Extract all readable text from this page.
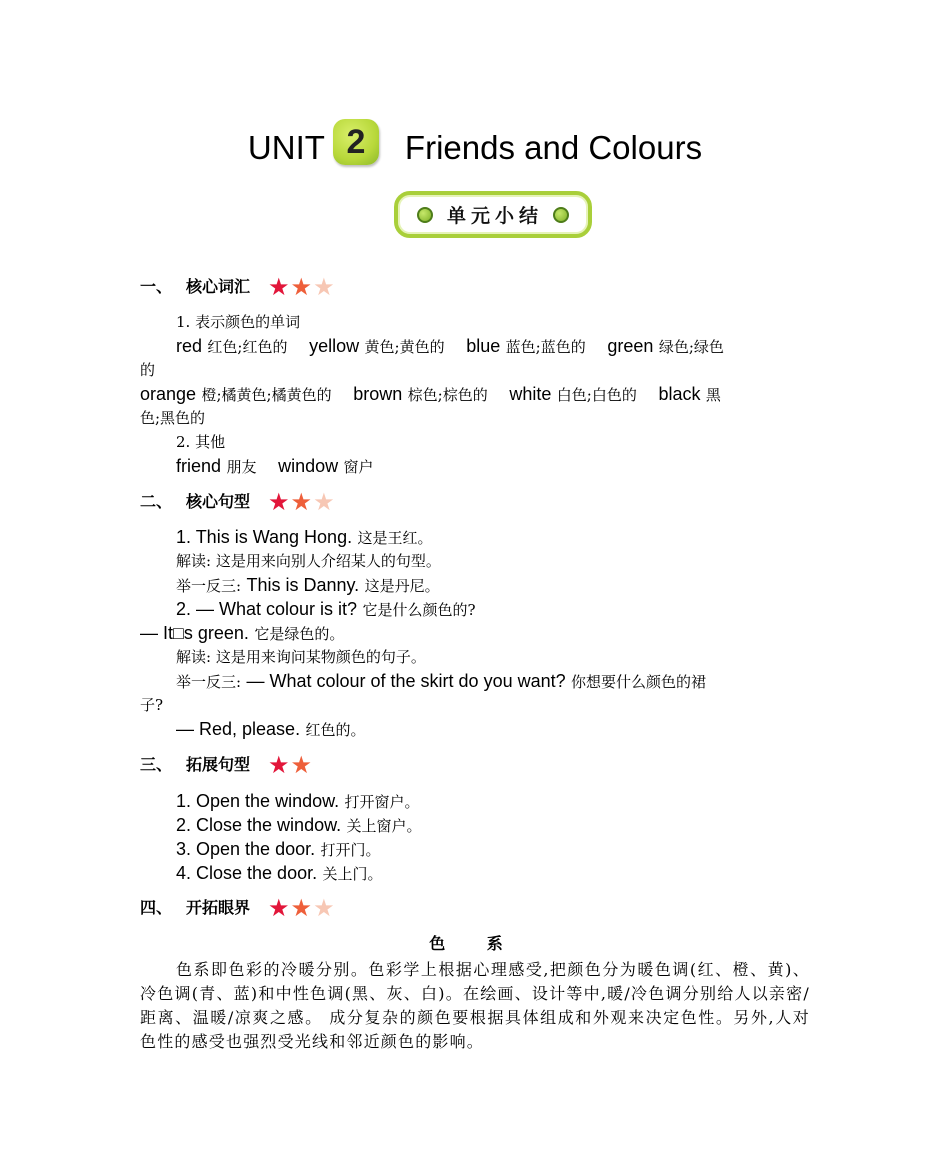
UNIT 2 Friends and Colours
单元小结
一、 核心词汇 ★ ★ ★
1. 表示颜色的单词
red 红色;红色的 yellow 黄色;黄色的 blue 蓝色;蓝色的 green 绿色;绿色
的
orange 橙;橘黄色;橘黄色的 brown 棕色;棕色的 white 白色;白色的 black 黑
色;黑色的
2. 其他
friend 朋友 window 窗户
二、 核心句型 ★ ★ ★
1. This is Wang Hong. 这是王红。
解读: 这是用来向别人介绍某人的句型。
举一反三: This is Danny. 这是丹尼。
2. — What colour is it? 它是什么颜色的?
— It□s green. 它是绿色的。
解读: 这是用来询问某物颜色的句子。
举一反三: — What colour of the skirt do you want? 你想要什么颜色的裙
子?
— Red, please. 红色的。
三、 拓展句型 ★ ★
1. Open the window. 打开窗户。
2. Close the window. 关上窗户。
3. Open the door. 打开门。
4. Close the door. 关上门。
四、 开拓眼界 ★ ★ ★
色 系
色系即色彩的冷暖分别。色彩学上根据心理感受,把颜色分为暖色调(红、橙、黄)、冷色调(青、蓝)和中性色调(黑、灰、白)。在绘画、设计等中,暖/冷色调分别给人以亲密/距离、温暖/凉爽之感。 成分复杂的颜色要根据具体组成和外观来决定色性。另外,人对色性的感受也强烈受光线和邻近颜色的影响。
